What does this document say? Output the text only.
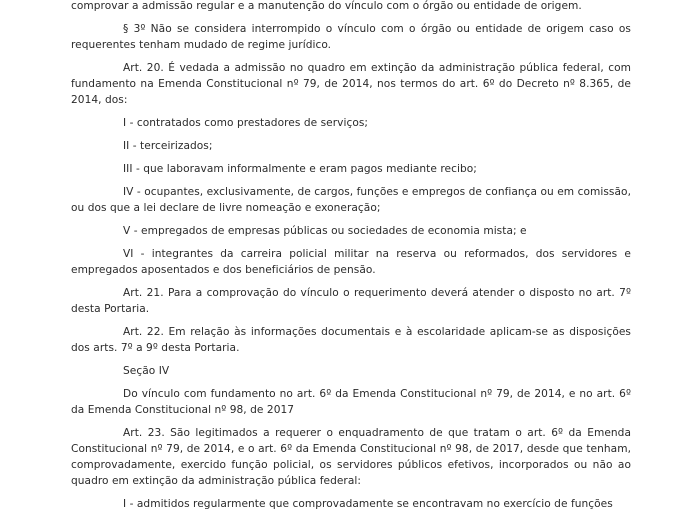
comprovar a admissão regular e a manutenção do vínculo com o órgão ou entidade de origem.

§ 3º Não se considera interrompido o vínculo com o órgão ou entidade de origem caso os requerentes tenham mudado de regime jurídico.

Art. 20. É vedada a admissão no quadro em extinção da administração pública federal, com fundamento na Emenda Constitucional nº 79, de 2014, nos termos do art. 6º do Decreto nº 8.365, de 2014, dos:

I - contratados como prestadores de serviços;

II - terceirizados;

III - que laboravam informalmente e eram pagos mediante recibo;

IV - ocupantes, exclusivamente, de cargos, funções e empregos de confiança ou em comissão, ou dos que a lei declare de livre nomeação e exoneração;

V - empregados de empresas públicas ou sociedades de economia mista; e

VI - integrantes da carreira policial militar na reserva ou reformados, dos servidores e empregados aposentados e dos beneficiários de pensão.

Art. 21. Para a comprovação do vínculo o requerimento deverá atender o disposto no art. 7º desta Portaria.

Art. 22. Em relação às informações documentais e à escolaridade aplicam-se as disposições dos arts. 7º a 9º desta Portaria.

Seção IV

Do vínculo com fundamento no art. 6º da Emenda Constitucional nº 79, de 2014, e no art. 6º da Emenda Constitucional nº 98, de 2017

Art. 23. São legitimados a requerer o enquadramento de que tratam o art. 6º da Emenda Constitucional nº 79, de 2014, e o art. 6º da Emenda Constitucional nº 98, de 2017, desde que tenham, comprovadamente, exercido função policial, os servidores públicos efetivos, incorporados ou não ao quadro em extinção da administração pública federal:

I - admitidos regularmente que comprovadamente se encontravam no exercício de funções
